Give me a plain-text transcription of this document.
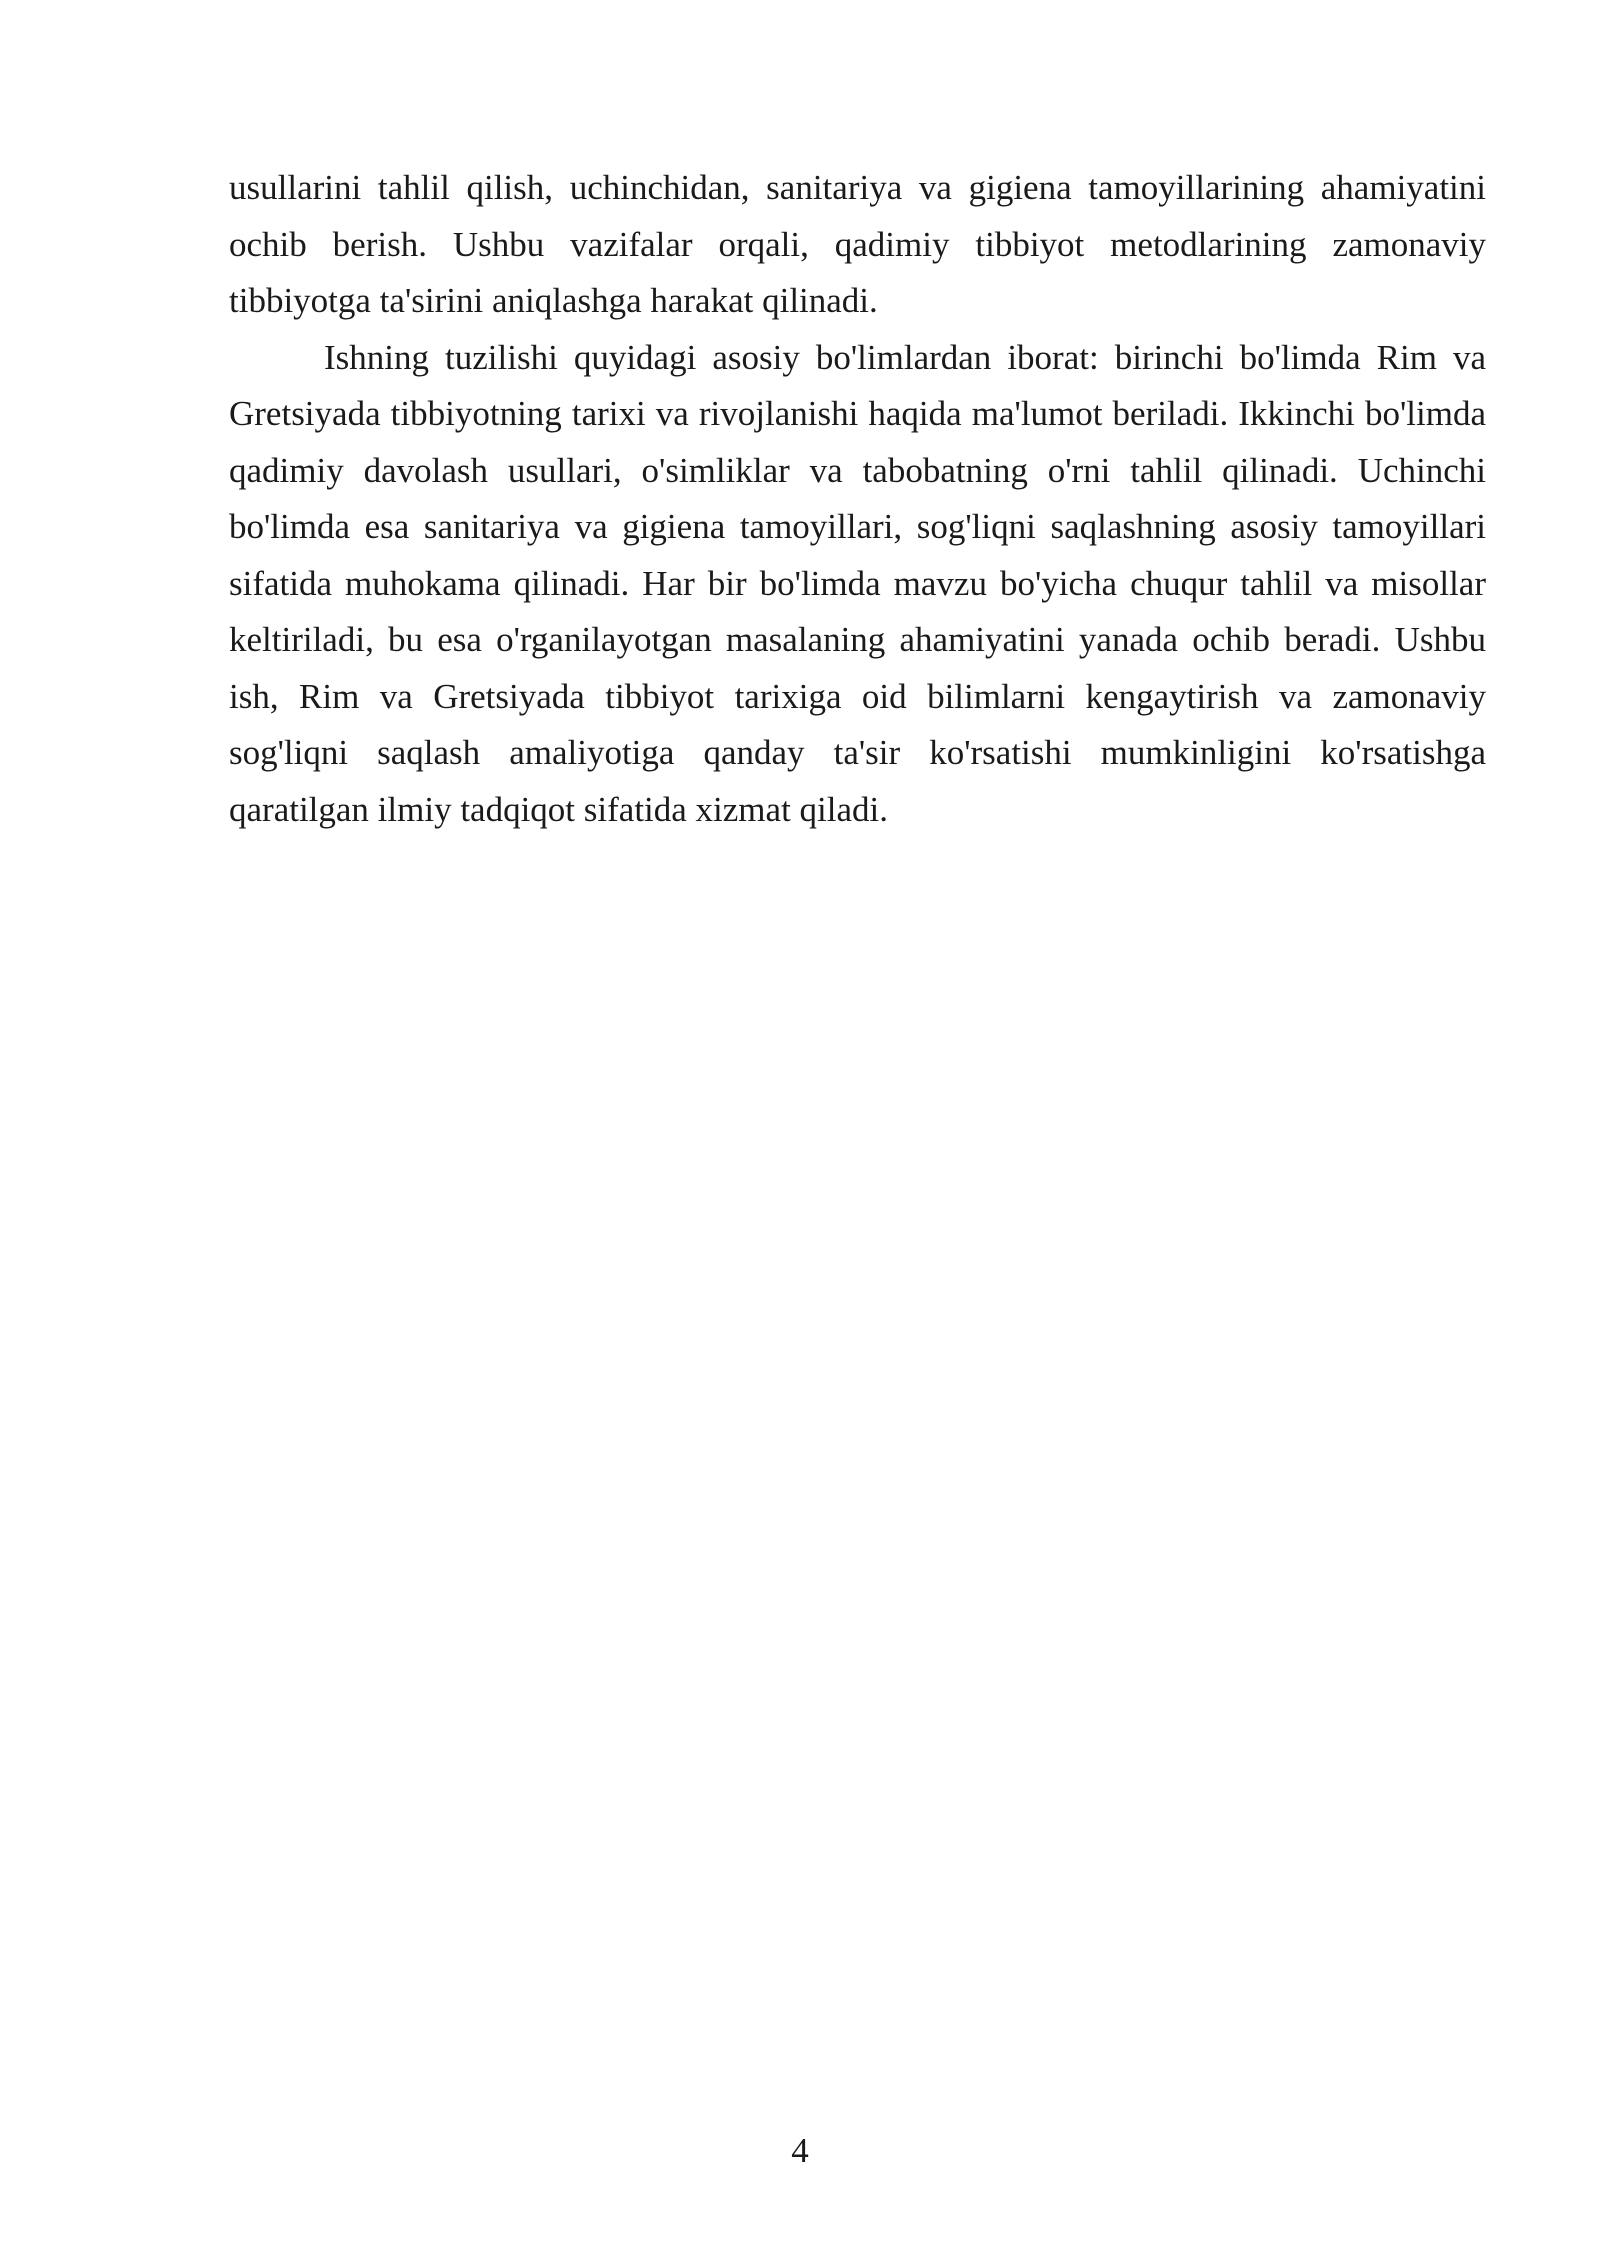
usullarini tahlil qilish, uchinchidan, sanitariya va gigiena tamoyillarining ahamiyatini ochib berish. Ushbu vazifalar orqali, qadimiy tibbiyot metodlarining zamonaviy tibbiyotga ta'sirini aniqlashga harakat qilinadi.

Ishning tuzilishi quyidagi asosiy bo'limlardan iborat: birinchi bo'limda Rim va Gretsiyada tibbiyotning tarixi va rivojlanishi haqida ma'lumot beriladi. Ikkinchi bo'limda qadimiy davolash usullari, o'simliklar va tabobatning o'rni tahlil qilinadi. Uchinchi bo'limda esa sanitariya va gigiena tamoyillari, sog'liqni saqlashning asosiy tamoyillari sifatida muhokama qilinadi. Har bir bo'limda mavzu bo'yicha chuqur tahlil va misollar keltiriladi, bu esa o'rganilayotgan masalaning ahamiyatini yanada ochib beradi. Ushbu ish, Rim va Gretsiyada tibbiyot tarixiga oid bilimlarni kengaytirish va zamonaviy sog'liqni saqlash amaliyotiga qanday ta'sir ko'rsatishi mumkinligini ko'rsatishga qaratilgan ilmiy tadqiqot sifatida xizmat qiladi.

4
